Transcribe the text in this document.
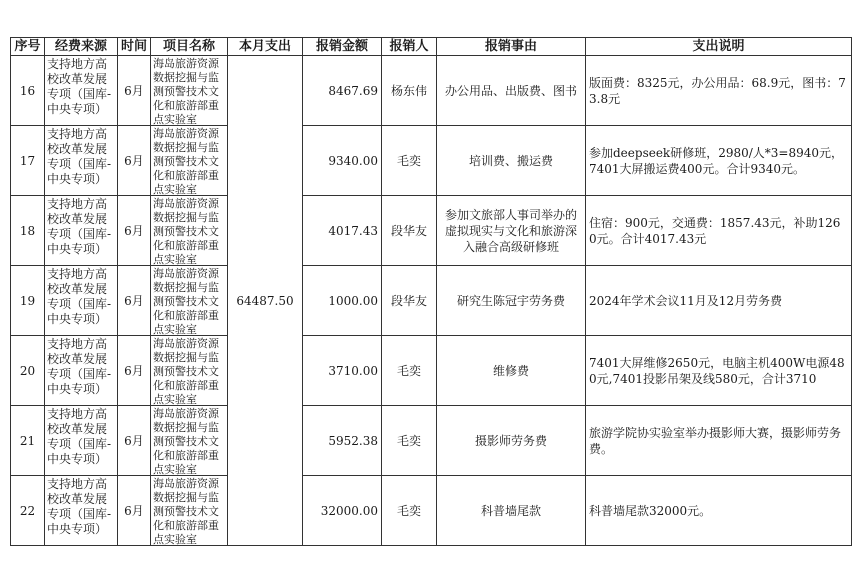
序号	经费来源	时间	项目名称	本月支出	报销金额	报销人	报销事由	支出说明
16	支持地方高校改革发展专项（国库-中央专项）	6月	海岛旅游资源数据挖掘与监测预警技术文化和旅游部重点实验室	64487.50	8467.69	杨东伟	办公用品、出版费、图书	版面费：8325元，办公用品：68.9元，图书：73.8元
17	支持地方高校改革发展专项（国库-中央专项）	6月	海岛旅游资源数据挖掘与监测预警技术文化和旅游部重点实验室		9340.00	毛奕	培训费、搬运费	参加deepseek研修班，2980/人*3=8940元，7401大屏搬运费400元。合计9340元。
18	支持地方高校改革发展专项（国库-中央专项）	6月	海岛旅游资源数据挖掘与监测预警技术文化和旅游部重点实验室		4017.43	段华友	参加文旅部人事司举办的虚拟现实与文化和旅游深入融合高级研修班	住宿：900元，交通费：1857.43元，补助1260元。合计4017.43元
19	支持地方高校改革发展专项（国库-中央专项）	6月	海岛旅游资源数据挖掘与监测预警技术文化和旅游部重点实验室		1000.00	段华友	研究生陈冠宇劳务费	2024年学术会议11月及12月劳务费
20	支持地方高校改革发展专项（国库-中央专项）	6月	海岛旅游资源数据挖掘与监测预警技术文化和旅游部重点实验室		3710.00	毛奕	维修费	7401大屏维修2650元，电脑主机400W电源480元,7401投影吊架及线580元，合计3710
21	支持地方高校改革发展专项（国库-中央专项）	6月	海岛旅游资源数据挖掘与监测预警技术文化和旅游部重点实验室		5952.38	毛奕	摄影师劳务费	旅游学院协实验室举办摄影师大赛，摄影师劳务费。
22	支持地方高校改革发展专项（国库-中央专项）	6月	海岛旅游资源数据挖掘与监测预警技术文化和旅游部重点实验室		32000.00	毛奕	科普墙尾款	科普墙尾款32000元。
